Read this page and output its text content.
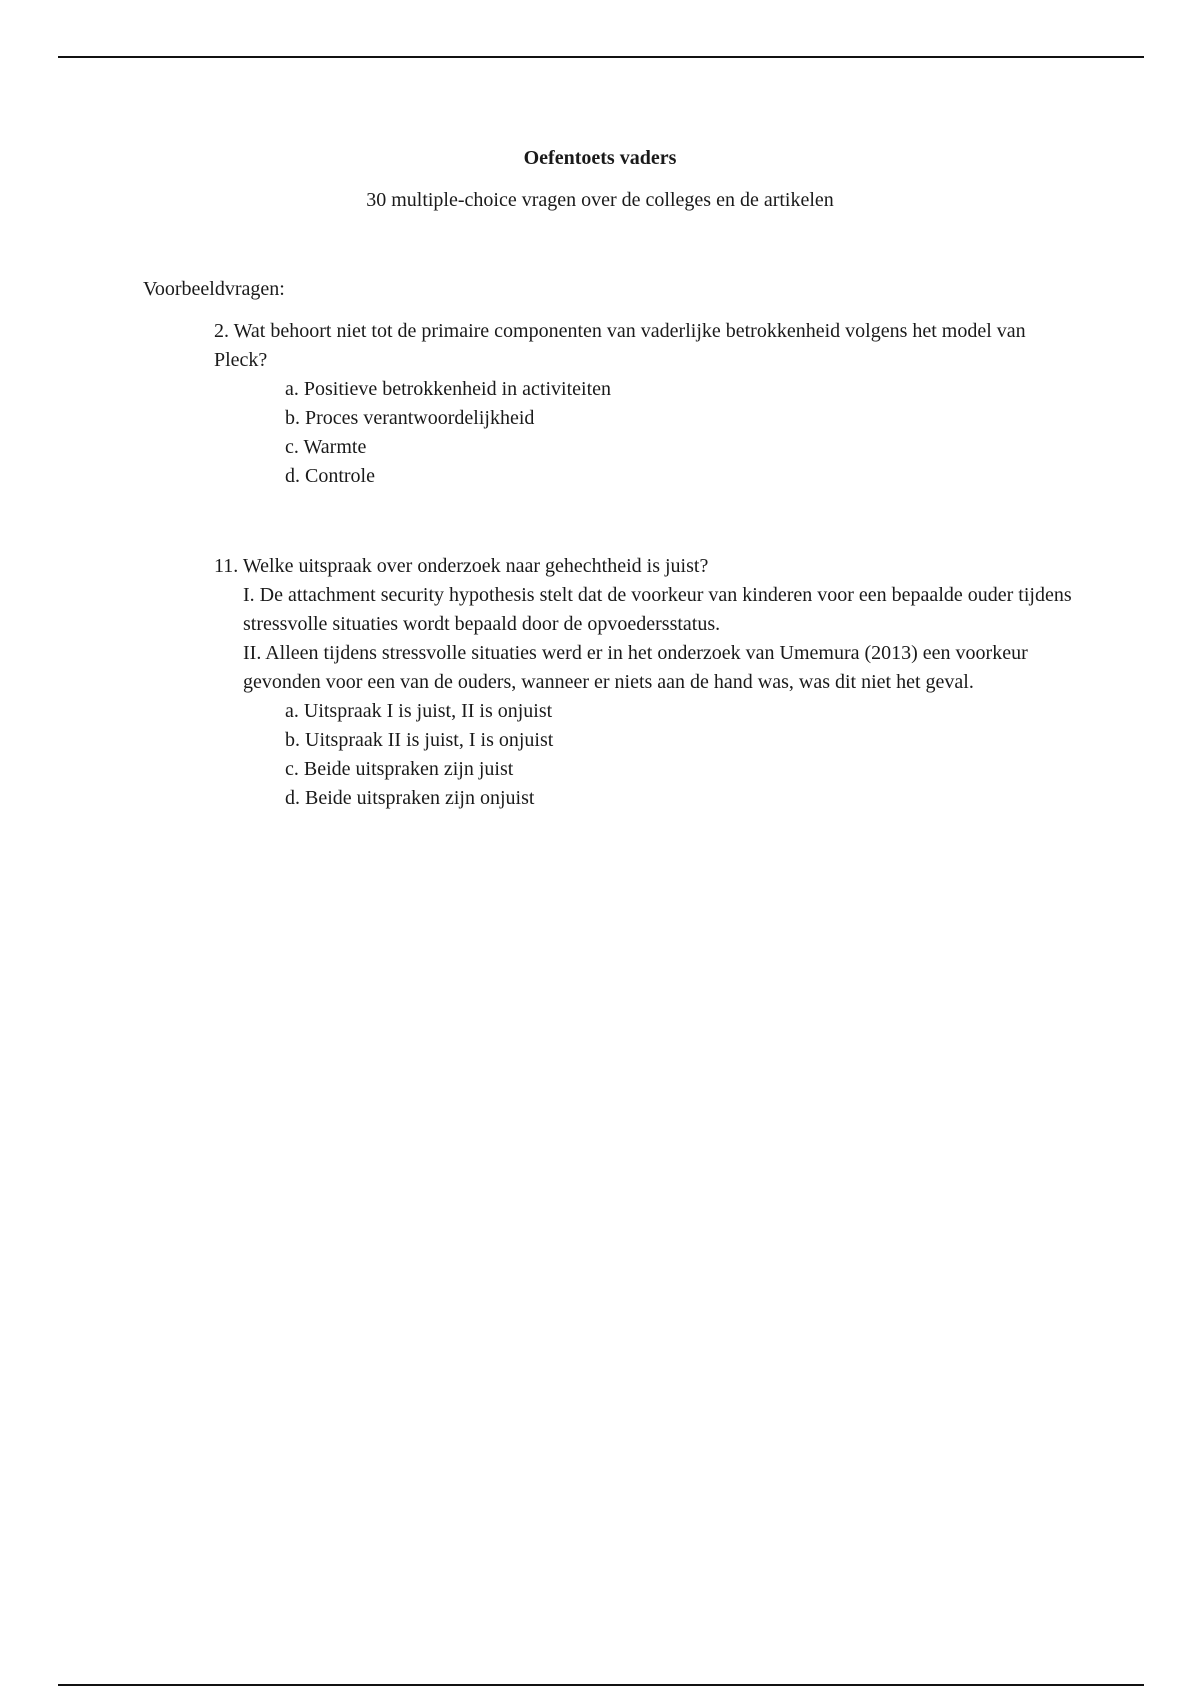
Oefentoets vaders
30 multiple-choice vragen over de colleges en de artikelen
Voorbeeldvragen:

2. Wat behoort niet tot de primaire componenten van vaderlijke betrokkenheid volgens het model van Pleck?

a. Positieve betrokkenheid in activiteiten
b. Proces verantwoordelijkheid
c. Warmte
d. Controle

11. Welke uitspraak over onderzoek naar gehechtheid is juist?

I. De attachment security hypothesis stelt dat de voorkeur van kinderen voor een bepaalde ouder tijdens stressvolle situaties wordt bepaald door de opvoedersstatus.

II. Alleen tijdens stressvolle situaties werd er in het onderzoek van Umemura (2013) een voorkeur gevonden voor een van de ouders, wanneer er niets aan de hand was, was dit niet het geval.

a. Uitspraak I is juist, II is onjuist
b. Uitspraak II is juist, I is onjuist
c. Beide uitspraken zijn juist
d. Beide uitspraken zijn onjuist
